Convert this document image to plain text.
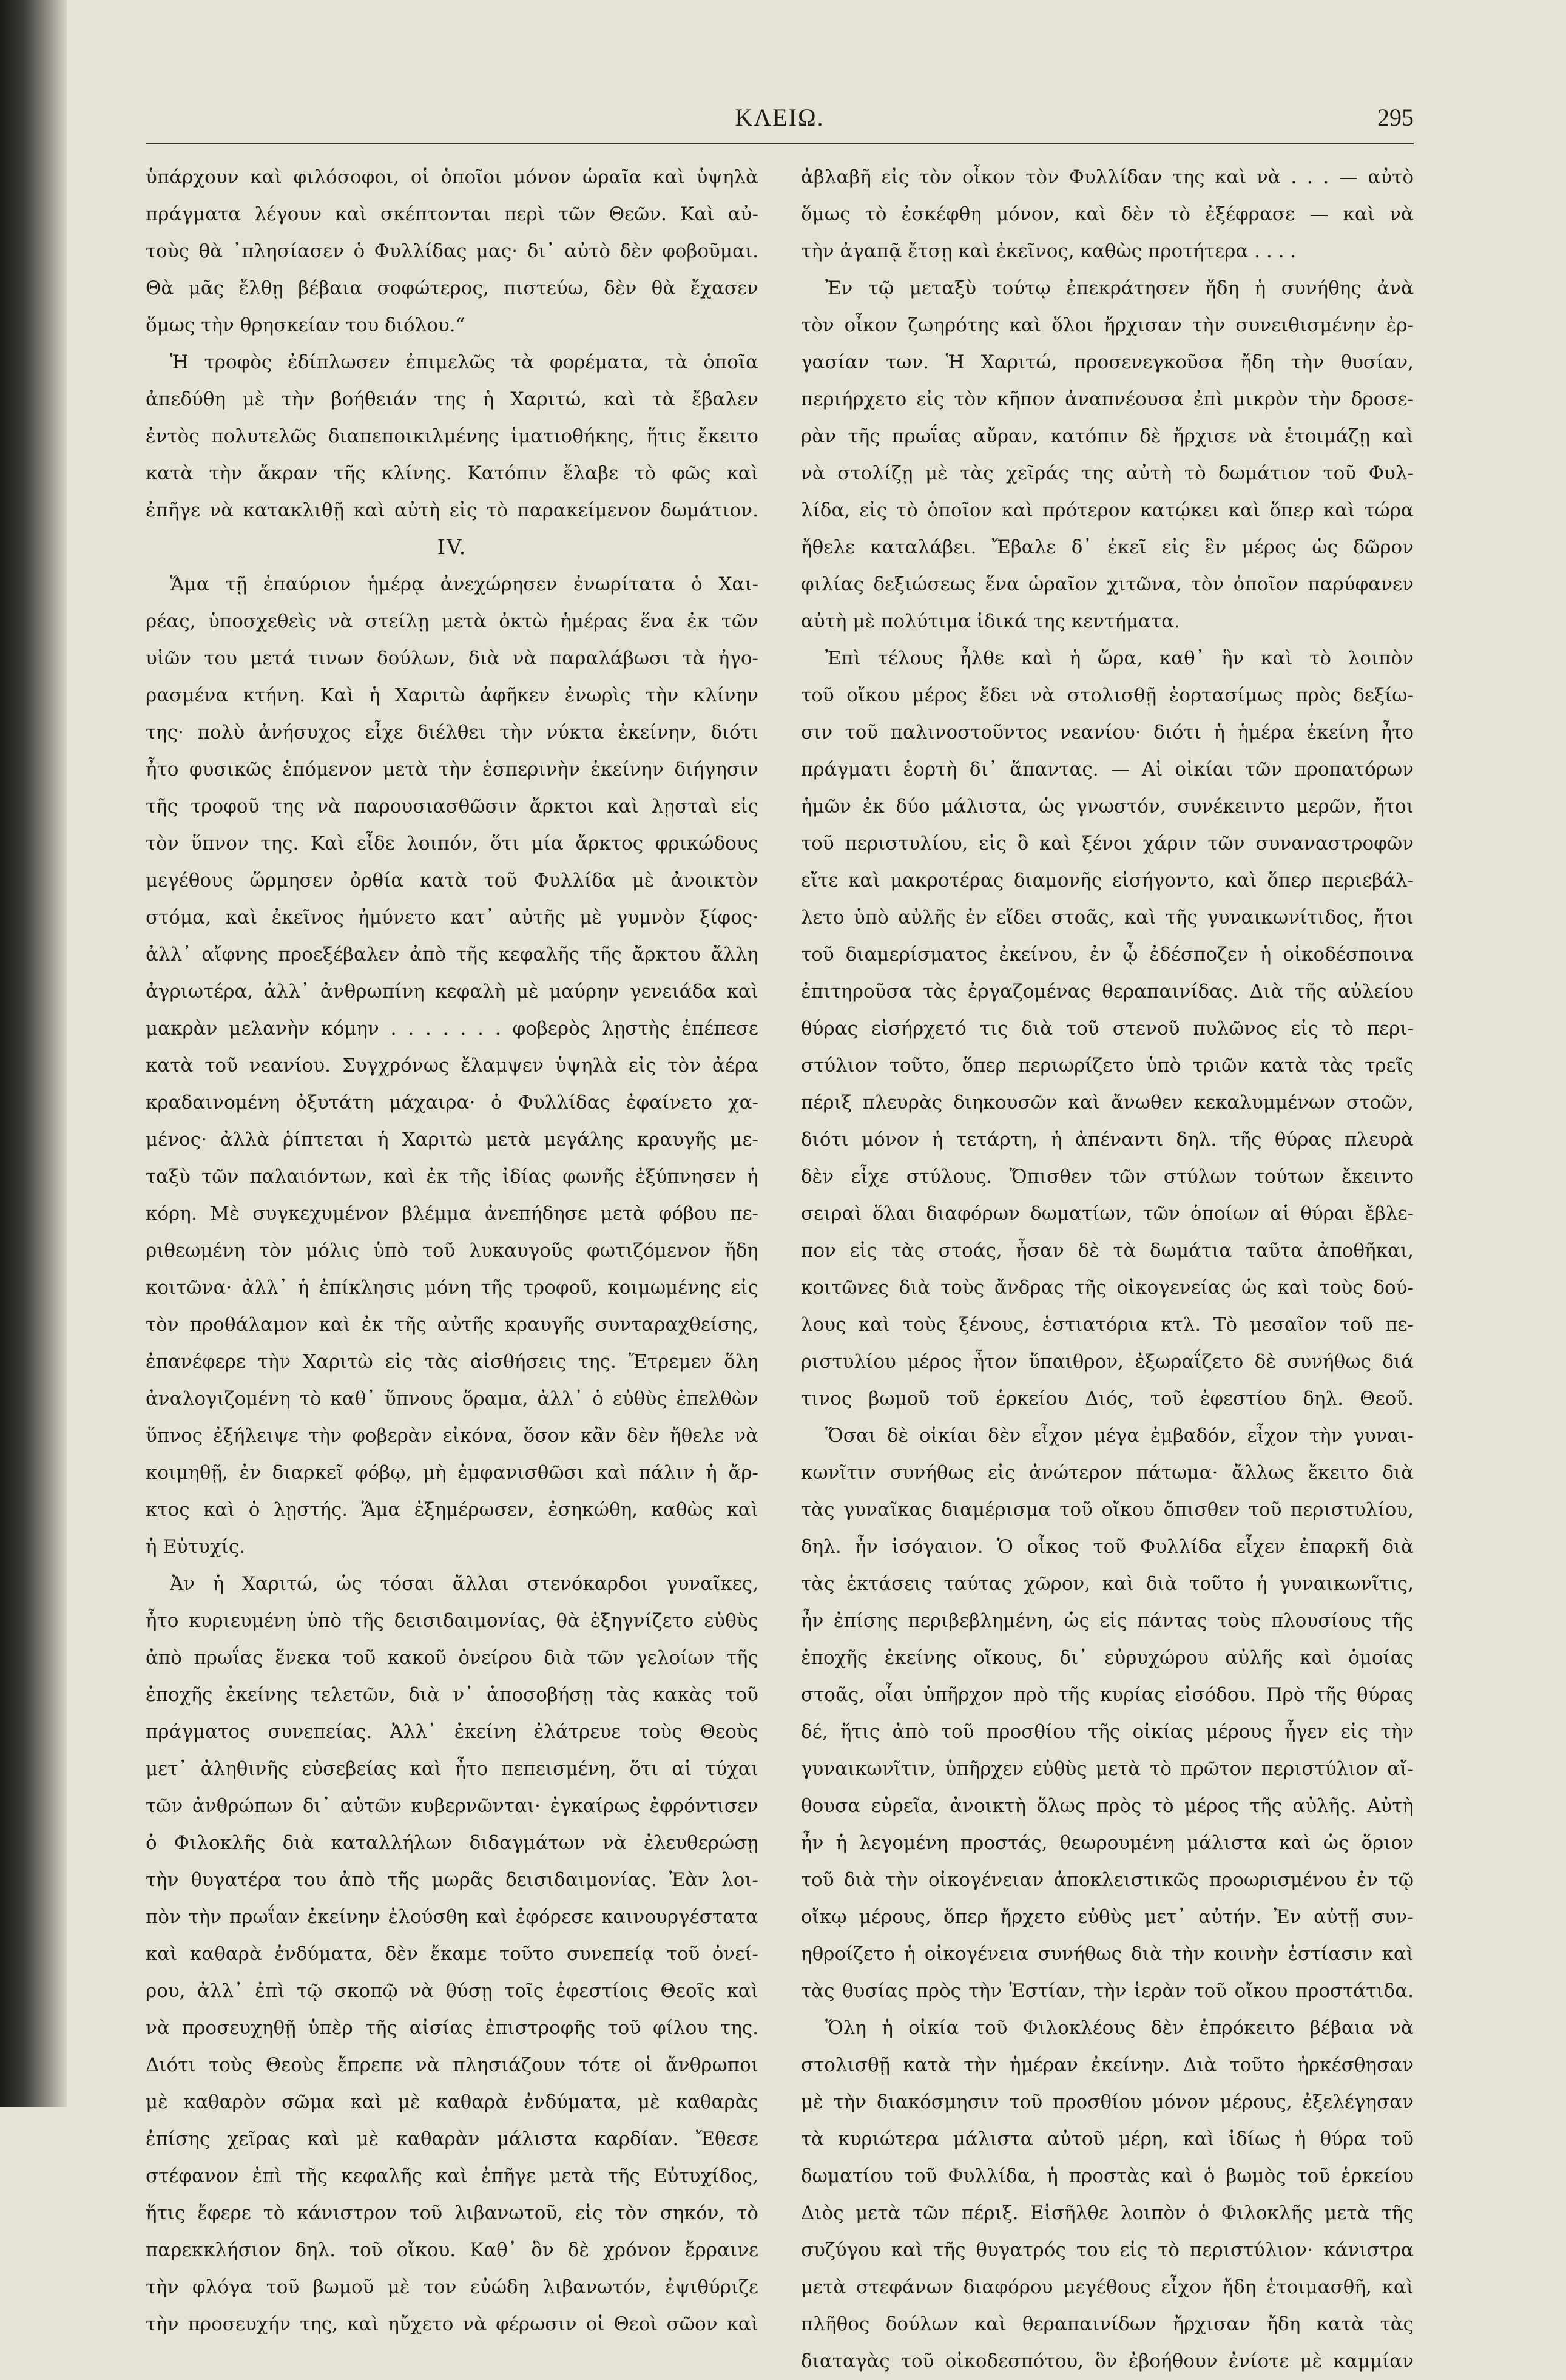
ΚΛΕΙΩ.	295
ὑπάρχουν καὶ φιλόσοφοι, οἱ ὁποῖοι μόνον ὡραῖα καὶ ὑψηλὰ
πράγματα λέγουν καὶ σκέπτονται περὶ τῶν Θεῶν. Καὶ αὐ-
τοὺς θὰ ᾽πλησίασεν ὁ Φυλλίδας μας· δι᾽ αὐτὸ δὲν φοβοῦμαι.
Θὰ μᾶς ἔλθῃ βέβαια σοφώτερος, πιστεύω, δὲν θὰ ἔχασεν
ὅμως τὴν θρησκείαν του διόλου.“
Ἡ τροφὸς ἐδίπλωσεν ἐπιμελῶς τὰ φορέματα, τὰ ὁποῖα
ἀπεδύθη μὲ τὴν βοήθειάν της ἡ Χαριτώ, καὶ τὰ ἔβαλεν
ἐντὸς πολυτελῶς διαπεποικιλμένης ἱματιοθήκης, ἥτις ἔκειτο
κατὰ τὴν ἄκραν τῆς κλίνης. Κατόπιν ἔλαβε τὸ φῶς καὶ
ἐπῆγε νὰ κατακλιθῇ καὶ αὐτὴ εἰς τὸ παρακείμενον δωμάτιον.
IV.
Ἅμα τῇ ἐπαύριον ἡμέρᾳ ἀνεχώρησεν ἐνωρίτατα ὁ Χαι-
ρέας, ὑποσχεθεὶς νὰ στείλῃ μετὰ ὀκτὼ ἡμέρας ἕνα ἐκ τῶν
υἱῶν του μετά τινων δούλων, διὰ νὰ παραλάβωσι τὰ ἠγο-
ρασμένα κτήνη. Καὶ ἡ Χαριτὼ ἀφῆκεν ἐνωρὶς τὴν κλίνην
της· πολὺ ἀνήσυχος εἶχε διέλθει τὴν νύκτα ἐκείνην, διότι
ἦτο φυσικῶς ἑπόμενον μετὰ τὴν ἑσπερινὴν ἐκείνην διήγησιν
τῆς τροφοῦ της νὰ παρουσιασθῶσιν ἄρκτοι καὶ λῃσταὶ εἰς
τὸν ὕπνον της. Καὶ εἶδε λοιπόν, ὅτι μία ἄρκτος φρικώδους
μεγέθους ὥρμησεν ὀρθία κατὰ τοῦ Φυλλίδα μὲ ἀνοικτὸν
στόμα, καὶ ἐκεῖνος ἠμύνετο κατ᾽ αὐτῆς μὲ γυμνὸν ξίφος·
ἀλλ᾽ αἴφνης προεξέβαλεν ἀπὸ τῆς κεφαλῆς τῆς ἄρκτου ἄλλη
ἀγριωτέρα, ἀλλ᾽ ἀνθρωπίνη κεφαλὴ μὲ μαύρην γενειάδα καὶ
μακρὰν μελανὴν κόμην . . . . . . . φοβερὸς λῃστὴς ἐπέπεσε
κατὰ τοῦ νεανίου. Συγχρόνως ἔλαμψεν ὑψηλὰ εἰς τὸν ἀέρα
κραδαινομένη ὀξυτάτη μάχαιρα· ὁ Φυλλίδας ἐφαίνετο χα-
μένος· ἀλλὰ ῥίπτεται ἡ Χαριτὼ μετὰ μεγάλης κραυγῆς με-
ταξὺ τῶν παλαιόντων, καὶ ἐκ τῆς ἰδίας φωνῆς ἐξύπνησεν ἡ
κόρη. Μὲ συγκεχυμένον βλέμμα ἀνεπήδησε μετὰ φόβου πε-
ριθεωμένη τὸν μόλις ὑπὸ τοῦ λυκαυγοῦς φωτιζόμενον ἤδη
κοιτῶνα· ἀλλ᾽ ἡ ἐπίκλησις μόνη τῆς τροφοῦ, κοιμωμένης εἰς
τὸν προθάλαμον καὶ ἐκ τῆς αὐτῆς κραυγῆς συνταραχθείσης,
ἐπανέφερε τὴν Χαριτὼ εἰς τὰς αἰσθήσεις της. Ἔτρεμεν ὅλη
ἀναλογιζομένη τὸ καθ᾽ ὕπνους ὅραμα, ἀλλ᾽ ὁ εὐθὺς ἐπελθὼν
ὕπνος ἐξήλειψε τὴν φοβερὰν εἰκόνα, ὅσον κἂν δὲν ἤθελε νὰ
κοιμηθῇ, ἐν διαρκεῖ φόβῳ, μὴ ἐμφανισθῶσι καὶ πάλιν ἡ ἄρ-
κτος καὶ ὁ λῃστής. Ἅμα ἐξημέρωσεν, ἐσηκώθη, καθὼς καὶ
ἡ Εὐτυχίς.
Ἀν ἡ Χαριτώ, ὡς τόσαι ἄλλαι στενόκαρδοι γυναῖκες,
ἦτο κυριευμένη ὑπὸ τῆς δεισιδαιμονίας, θὰ ἐξηγνίζετο εὐθὺς
ἀπὸ πρωΐας ἕνεκα τοῦ κακοῦ ὀνείρου διὰ τῶν γελοίων τῆς
ἐποχῆς ἐκείνης τελετῶν, διὰ ν᾽ ἀποσοβήσῃ τὰς κακὰς τοῦ
πράγματος συνεπείας. Ἀλλ᾽ ἐκείνη ἐλάτρευε τοὺς Θεοὺς
μετ᾽ ἀληθινῆς εὐσεβείας καὶ ἦτο πεπεισμένη, ὅτι αἱ τύχαι
τῶν ἀνθρώπων δι᾽ αὐτῶν κυβερνῶνται· ἐγκαίρως ἐφρόντισεν
ὁ Φιλοκλῆς διὰ καταλλήλων διδαγμάτων νὰ ἐλευθερώσῃ
τὴν θυγατέρα του ἀπὸ τῆς μωρᾶς δεισιδαιμονίας. Ἐὰν λοι-
πὸν τὴν πρωΐαν ἐκείνην ἐλούσθη καὶ ἐφόρεσε καινουργέστατα
καὶ καθαρὰ ἐνδύματα, δὲν ἔκαμε τοῦτο συνεπείᾳ τοῦ ὀνεί-
ρου, ἀλλ᾽ ἐπὶ τῷ σκοπῷ νὰ θύσῃ τοῖς ἐφεστίοις Θεοῖς καὶ
νὰ προσευχηθῇ ὑπὲρ τῆς αἰσίας ἐπιστροφῆς τοῦ φίλου της.
Διότι τοὺς Θεοὺς ἔπρεπε νὰ πλησιάζουν τότε οἱ ἄνθρωποι
μὲ καθαρὸν σῶμα καὶ μὲ καθαρὰ ἐνδύματα, μὲ καθαρὰς
ἐπίσης χεῖρας καὶ μὲ καθαρὰν μάλιστα καρδίαν. Ἔθεσε
στέφανον ἐπὶ τῆς κεφαλῆς καὶ ἐπῆγε μετὰ τῆς Εὐτυχίδος,
ἥτις ἔφερε τὸ κάνιστρον τοῦ λιβανωτοῦ, εἰς τὸν σηκόν, τὸ
παρεκκλήσιον δηλ. τοῦ οἴκου. Καθ᾽ ὃν δὲ χρόνον ἔρραινε
τὴν φλόγα τοῦ βωμοῦ μὲ τον εὐώδη λιβανωτόν, ἐψιθύριζε
τὴν προσευχήν της, καὶ ηὔχετο νὰ φέρωσιν οἱ Θεοὶ σῶον καὶ
ἀβλαβῆ εἰς τὸν οἶκον τὸν Φυλλίδαν της καὶ νὰ . . . — αὐτὸ
ὅμως τὸ ἐσκέφθη μόνον, καὶ δὲν τὸ ἐξέφρασε — καὶ νὰ
τὴν ἀγαπᾷ ἔτσῃ καὶ ἐκεῖνος, καθὼς προτήτερα . . . .
Ἐν τῷ μεταξὺ τούτῳ ἐπεκράτησεν ἤδη ἡ συνήθης ἀνὰ
τὸν οἶκον ζωηρότης καὶ ὅλοι ἤρχισαν τὴν συνειθισμένην ἐρ-
γασίαν των. Ἡ Χαριτώ, προσενεγκοῦσα ἤδη τὴν θυσίαν,
περιήρχετο εἰς τὸν κῆπον ἀναπνέουσα ἐπὶ μικρὸν τὴν δροσε-
ρὰν τῆς πρωΐας αὔραν, κατόπιν δὲ ἤρχισε νὰ ἑτοιμάζῃ καὶ
νὰ στολίζῃ μὲ τὰς χεῖράς της αὐτὴ τὸ δωμάτιον τοῦ Φυλ-
λίδα, εἰς τὸ ὁποῖον καὶ πρότερον κατῴκει καὶ ὅπερ καὶ τώρα
ἤθελε καταλάβει. Ἔβαλε δ᾽ ἐκεῖ εἰς ἓν μέρος ὡς δῶρον
φιλίας δεξιώσεως ἕνα ὡραῖον χιτῶνα, τὸν ὁποῖον παρύφανεν
αὐτὴ μὲ πολύτιμα ἰδικά της κεντήματα.
Ἐπὶ τέλους ἦλθε καὶ ἡ ὥρα, καθ᾽ ἣν καὶ τὸ λοιπὸν
τοῦ οἴκου μέρος ἔδει νὰ στολισθῇ ἑορτασίμως πρὸς δεξίω-
σιν τοῦ παλινοστοῦντος νεανίου· διότι ἡ ἡμέρα ἐκείνη ἦτο
πράγματι ἑορτὴ δι᾽ ἅπαντας. — Αἱ οἰκίαι τῶν προπατόρων
ἡμῶν ἐκ δύο μάλιστα, ὡς γνωστόν, συνέκειντο μερῶν, ἤτοι
τοῦ περιστυλίου, εἰς ὃ καὶ ξένοι χάριν τῶν συναναστροφῶν
εἴτε καὶ μακροτέρας διαμονῆς εἰσήγοντο, καὶ ὅπερ περιεβάλ-
λετο ὑπὸ αὐλῆς ἐν εἴδει στοᾶς, καὶ τῆς γυναικωνίτιδος, ἤτοι
τοῦ διαμερίσματος ἐκείνου, ἐν ᾧ ἐδέσποζεν ἡ οἰκοδέσποινα
ἐπιτηροῦσα τὰς ἐργαζομένας θεραπαινίδας. Διὰ τῆς αὐλείου
θύρας εἰσήρχετό τις διὰ τοῦ στενοῦ πυλῶνος εἰς τὸ περι-
στύλιον τοῦτο, ὅπερ περιωρίζετο ὑπὸ τριῶν κατὰ τὰς τρεῖς
πέριξ πλευρὰς διηκουσῶν καὶ ἄνωθεν κεκαλυμμένων στοῶν,
διότι μόνον ἡ τετάρτη, ἡ ἀπέναντι δηλ. τῆς θύρας πλευρὰ
δὲν εἶχε στύλους. Ὄπισθεν τῶν στύλων τούτων ἔκειντο
σειραὶ ὅλαι διαφόρων δωματίων, τῶν ὁποίων αἱ θύραι ἔβλε-
πον εἰς τὰς στοάς, ἦσαν δὲ τὰ δωμάτια ταῦτα ἀποθῆκαι,
κοιτῶνες διὰ τοὺς ἄνδρας τῆς οἰκογενείας ὡς καὶ τοὺς δού-
λους καὶ τοὺς ξένους, ἑστιατόρια κτλ. Τὸ μεσαῖον τοῦ πε-
ριστυλίου μέρος ἦτον ὕπαιθρον, ἐξωραΐζετο δὲ συνήθως διά
τινος βωμοῦ τοῦ ἑρκείου Διός, τοῦ ἐφεστίου δηλ. Θεοῦ.
Ὅσαι δὲ οἰκίαι δὲν εἶχον μέγα ἐμβαδόν, εἶχον τὴν γυναι-
κωνῖτιν συνήθως εἰς ἀνώτερον πάτωμα· ἄλλως ἔκειτο διὰ
τὰς γυναῖκας διαμέρισμα τοῦ οἴκου ὄπισθεν τοῦ περιστυλίου,
δηλ. ἦν ἰσόγαιον. Ὁ οἶκος τοῦ Φυλλίδα εἶχεν ἐπαρκῆ διὰ
τὰς ἐκτάσεις ταύτας χῶρον, καὶ διὰ τοῦτο ἡ γυναικωνῖτις,
ἦν ἐπίσης περιβεβλημένη, ὡς εἰς πάντας τοὺς πλουσίους τῆς
ἐποχῆς ἐκείνης οἴκους, δι᾽ εὐρυχώρου αὐλῆς καὶ ὁμοίας
στοᾶς, οἷαι ὑπῆρχον πρὸ τῆς κυρίας εἰσόδου. Πρὸ τῆς θύρας
δέ, ἥτις ἀπὸ τοῦ προσθίου τῆς οἰκίας μέρους ἦγεν εἰς τὴν
γυναικωνῖτιν, ὑπῆρχεν εὐθὺς μετὰ τὸ πρῶτον περιστύλιον αἴ-
θουσα εὐρεῖα, ἀνοικτὴ ὅλως πρὸς τὸ μέρος τῆς αὐλῆς. Αὐτὴ
ἦν ἡ λεγομένη προστάς, θεωρουμένη μάλιστα καὶ ὡς ὅριον
τοῦ διὰ τὴν οἰκογένειαν ἀποκλειστικῶς προωρισμένου ἐν τῷ
οἴκῳ μέρους, ὅπερ ἤρχετο εὐθὺς μετ᾽ αὐτήν. Ἐν αὐτῇ συν-
ηθροίζετο ἡ οἰκογένεια συνήθως διὰ τὴν κοινὴν ἑστίασιν καὶ
τὰς θυσίας πρὸς τὴν Ἑστίαν, τὴν ἱερὰν τοῦ οἴκου προστάτιδα.
Ὅλη ἡ οἰκία τοῦ Φιλοκλέους δὲν ἐπρόκειτο βέβαια νὰ
στολισθῇ κατὰ τὴν ἡμέραν ἐκείνην. Διὰ τοῦτο ἠρκέσθησαν
μὲ τὴν διακόσμησιν τοῦ προσθίου μόνον μέρους, ἐξελέγησαν
τὰ κυριώτερα μάλιστα αὐτοῦ μέρη, καὶ ἰδίως ἡ θύρα τοῦ
δωματίου τοῦ Φυλλίδα, ἡ προστὰς καὶ ὁ βωμὸς τοῦ ἑρκείου
Διὸς μετὰ τῶν πέριξ. Εἰσῆλθε λοιπὸν ὁ Φιλοκλῆς μετὰ τῆς
συζύγου καὶ τῆς θυγατρός του εἰς τὸ περιστύλιον· κάνιστρα
μετὰ στεφάνων διαφόρου μεγέθους εἶχον ἤδη ἑτοιμασθῆ, καὶ
πλῆθος δούλων καὶ θεραπαινίδων ἤρχισαν ἤδη κατὰ τὰς
διαταγὰς τοῦ οἰκοδεσπότου, ὃν ἐβοήθουν ἐνίοτε μὲ καμμίαν
